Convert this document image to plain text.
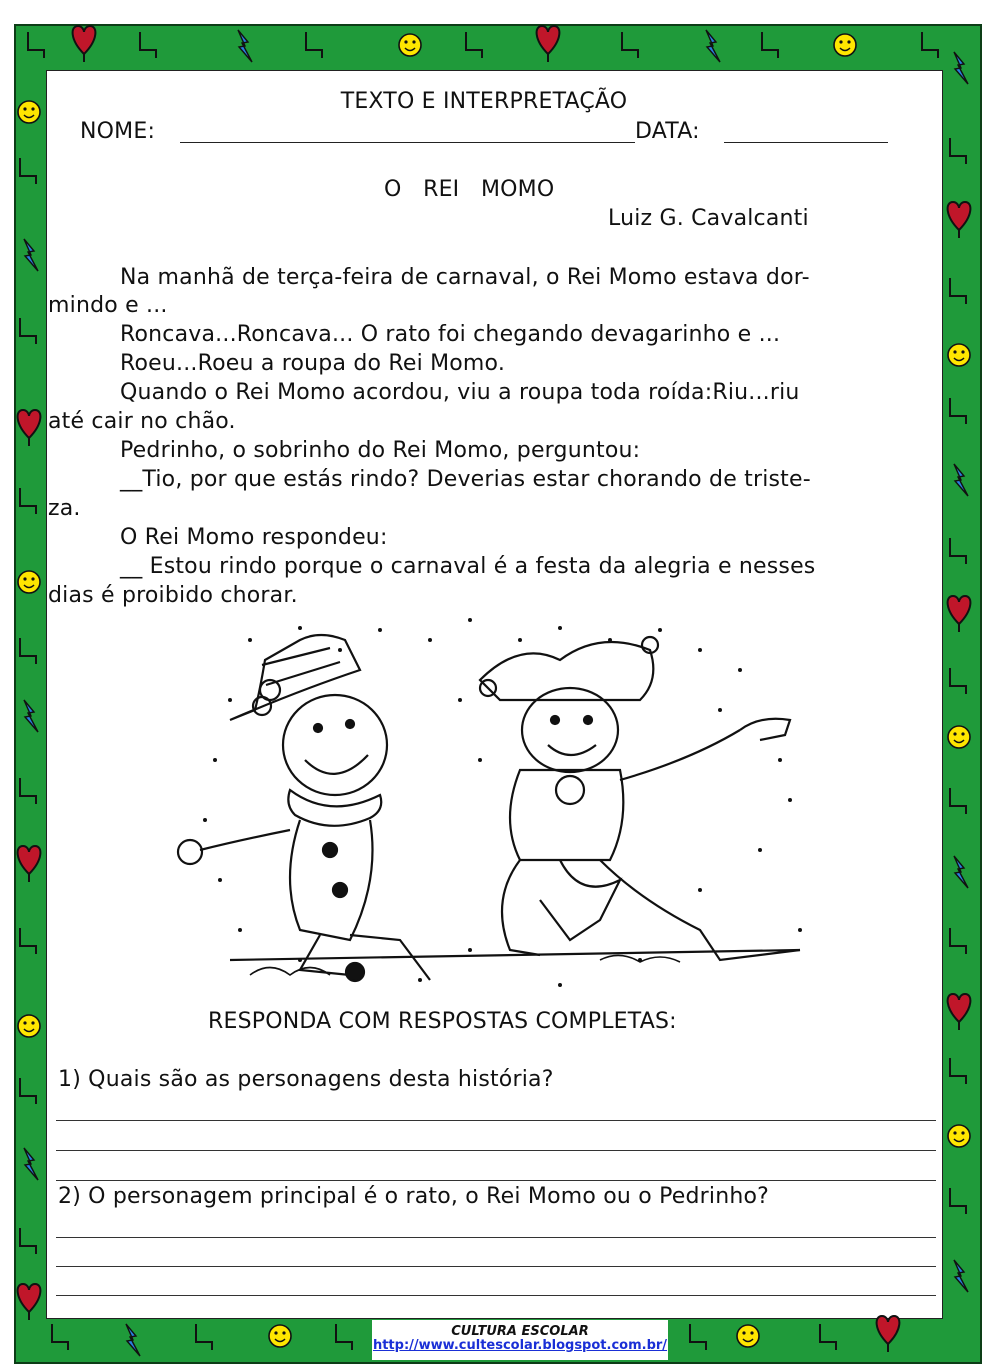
TEXTO E INTERPRETAÇÃO
NOME:	DATA:
O   REI   MOMO
Luiz G. Cavalcanti
Na manhã de terça-feira de carnaval, o Rei Momo estava dor-
mindo e ...
Roncava...Roncava... O rato foi chegando devagarinho e ...
Roeu...Roeu a roupa do Rei Momo.
Quando o Rei Momo acordou, viu a roupa toda roída:Riu...riu
até cair no chão.
Pedrinho, o sobrinho do Rei Momo, perguntou:
__Tio, por que estás rindo? Deverias estar chorando de triste-
za.
O Rei Momo respondeu:
__ Estou rindo porque o carnaval é a festa da alegria e nesses
dias é proibido chorar.
RESPONDA COM RESPOSTAS COMPLETAS:
1) Quais são as personagens desta história?
2) O personagem principal é o rato, o Rei Momo ou o Pedrinho?
CULTURA ESCOLAR
http://www.cultescolar.blogspot.com.br/
